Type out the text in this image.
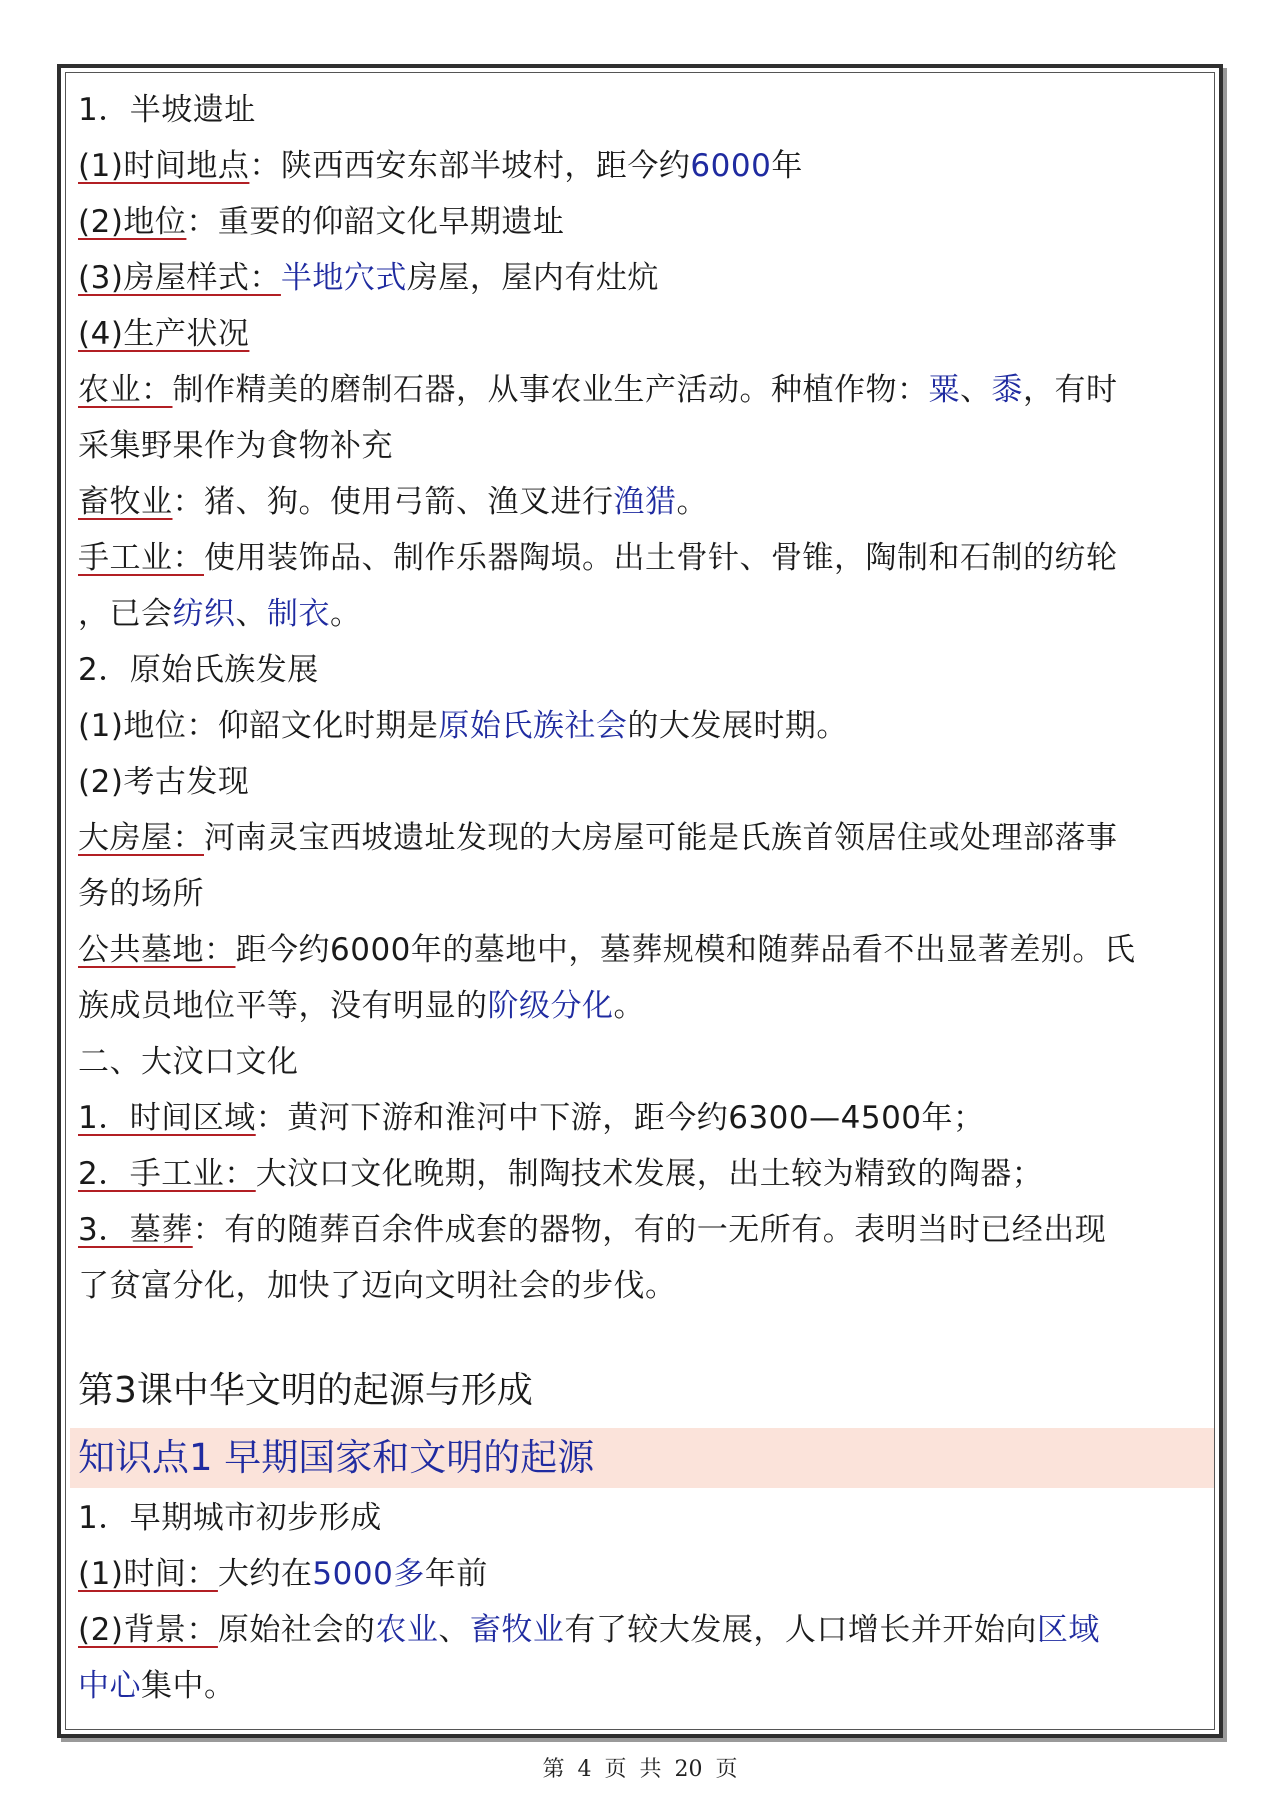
1．半坡遗址
(1)时间地点：陕西西安东部半坡村，距今约6000年
(2)地位：重要的仰韶文化早期遗址
(3)房屋样式：半地穴式房屋，屋内有灶炕
(4)生产状况
农业：制作精美的磨制石器，从事农业生产活动。种植作物：粟、黍，有时
采集野果作为食物补充
畜牧业：猪、狗。使用弓箭、渔叉进行渔猎。
手工业：使用装饰品、制作乐器陶埙。出土骨针、骨锥，陶制和石制的纺轮
，已会纺织、制衣。
2．原始氏族发展
(1)地位：仰韶文化时期是原始氏族社会的大发展时期。
(2)考古发现
大房屋：河南灵宝西坡遗址发现的大房屋可能是氏族首领居住或处理部落事
务的场所
公共墓地：距今约6000年的墓地中，墓葬规模和随葬品看不出显著差别。氏
族成员地位平等，没有明显的阶级分化。
二、大汶口文化
1．时间区域：黄河下游和淮河中下游，距今约6300—4500年；
2．手工业：大汶口文化晚期，制陶技术发展，出土较为精致的陶器；
3．墓葬：有的随葬百余件成套的器物，有的一无所有。表明当时已经出现
了贫富分化，加快了迈向文明社会的步伐。
第3课中华文明的起源与形成
知识点1 早期国家和文明的起源
1．早期城市初步形成
(1)时间：大约在5000多年前
(2)背景：原始社会的农业、畜牧业有了较大发展，人口增长并开始向区域
中心集中。
第 4 页 共 20 页
